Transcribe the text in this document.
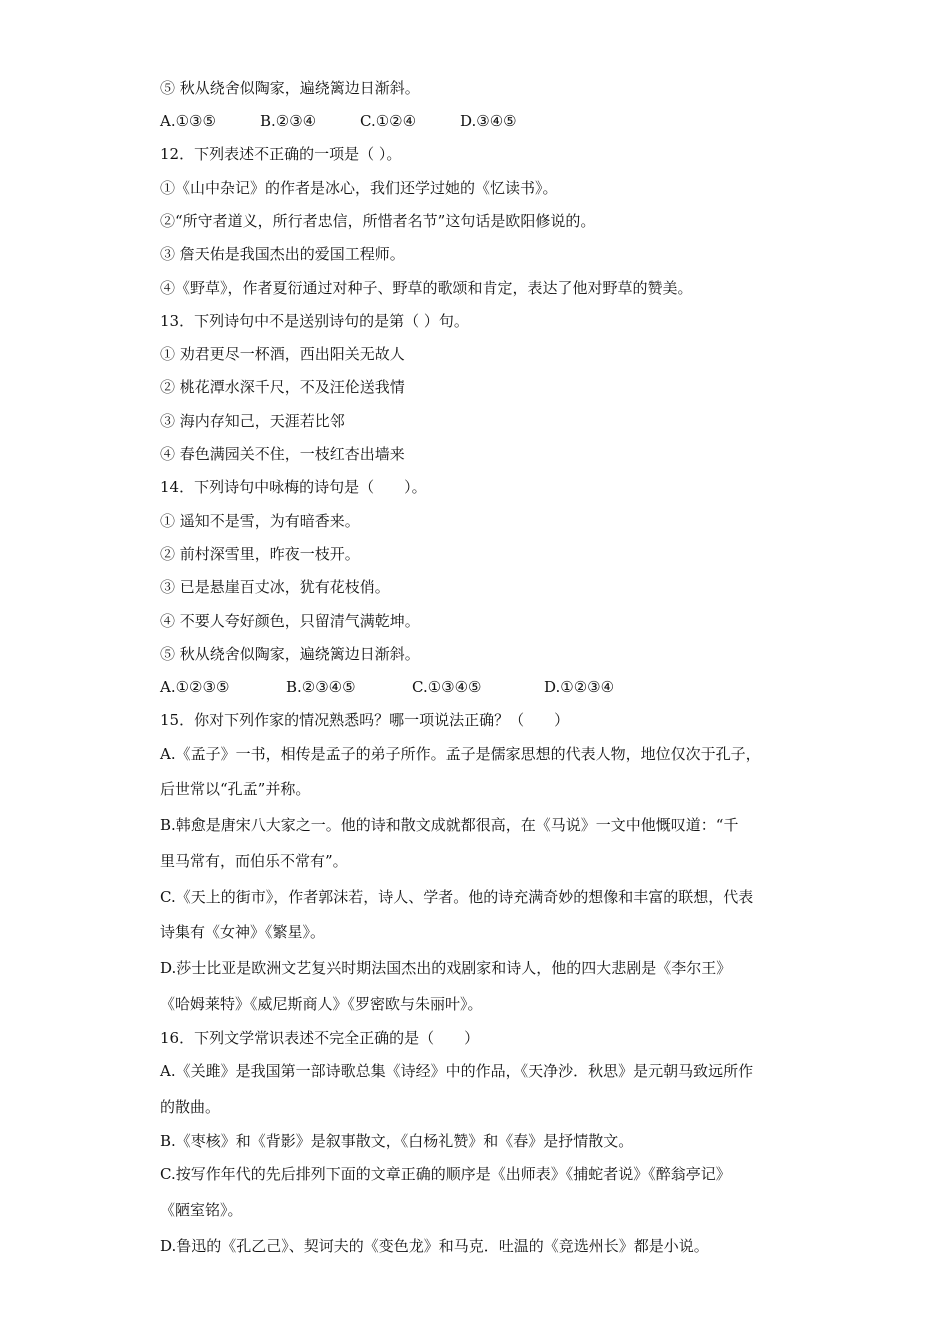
⑤ 秋从绕舍似陶家，遍绕篱边日渐斜。
A.①③⑤	B.②③④	C.①②④	D.③④⑤
12．下列表述不正确的一项是（ ）。
①《山中杂记》的作者是冰心，我们还学过她的《忆读书》。
②“所守者道义，所行者忠信，所惜者名节”这句话是欧阳修说的。
③ 詹天佑是我国杰出的爱国工程师。
④《野草》，作者夏衍通过对种子、野草的歌颂和肯定，表达了他对野草的赞美。
13．下列诗句中不是送别诗句的是第（ ）句。
① 劝君更尽一杯酒，西出阳关无故人
② 桃花潭水深千尺，不及汪伦送我情
③ 海内存知己，天涯若比邻
④ 春色满园关不住，一枝红杏出墙来
14．下列诗句中咏梅的诗句是（　　）。
① 遥知不是雪，为有暗香来。
② 前村深雪里，昨夜一枝开。
③ 已是悬崖百丈冰，犹有花枝俏。
④ 不要人夸好颜色，只留清气满乾坤。
⑤ 秋从绕舍似陶家，遍绕篱边日渐斜。
A.①②③⑤	B.②③④⑤	C.①③④⑤	D.①②③④
15．你对下列作家的情况熟悉吗？哪一项说法正确？（　　）
A.《孟子》一书，相传是孟子的弟子所作。孟子是儒家思想的代表人物，地位仅次于孔子，
后世常以“孔孟”并称。
B.韩愈是唐宋八大家之一。他的诗和散文成就都很高，在《马说》一文中他慨叹道：“千
里马常有，而伯乐不常有”。
C.《天上的街市》，作者郭沫若，诗人、学者。他的诗充满奇妙的想像和丰富的联想，代表
诗集有《女神》《繁星》。
D.莎士比亚是欧洲文艺复兴时期法国杰出的戏剧家和诗人，他的四大悲剧是《李尔王》
《哈姆莱特》《威尼斯商人》《罗密欧与朱丽叶》。
16．下列文学常识表述不完全正确的是（　　）
A.《关雎》是我国第一部诗歌总集《诗经》中的作品，《天净沙．秋思》是元朝马致远所作
的散曲。
B.《枣核》和《背影》是叙事散文，《白杨礼赞》和《春》是抒情散文。
C.按写作年代的先后排列下面的文章正确的顺序是《出师表》《捕蛇者说》《醉翁亭记》
《陋室铭》。
D.鲁迅的《孔乙己》、契诃夫的《变色龙》和马克．吐温的《竞选州长》都是小说。
